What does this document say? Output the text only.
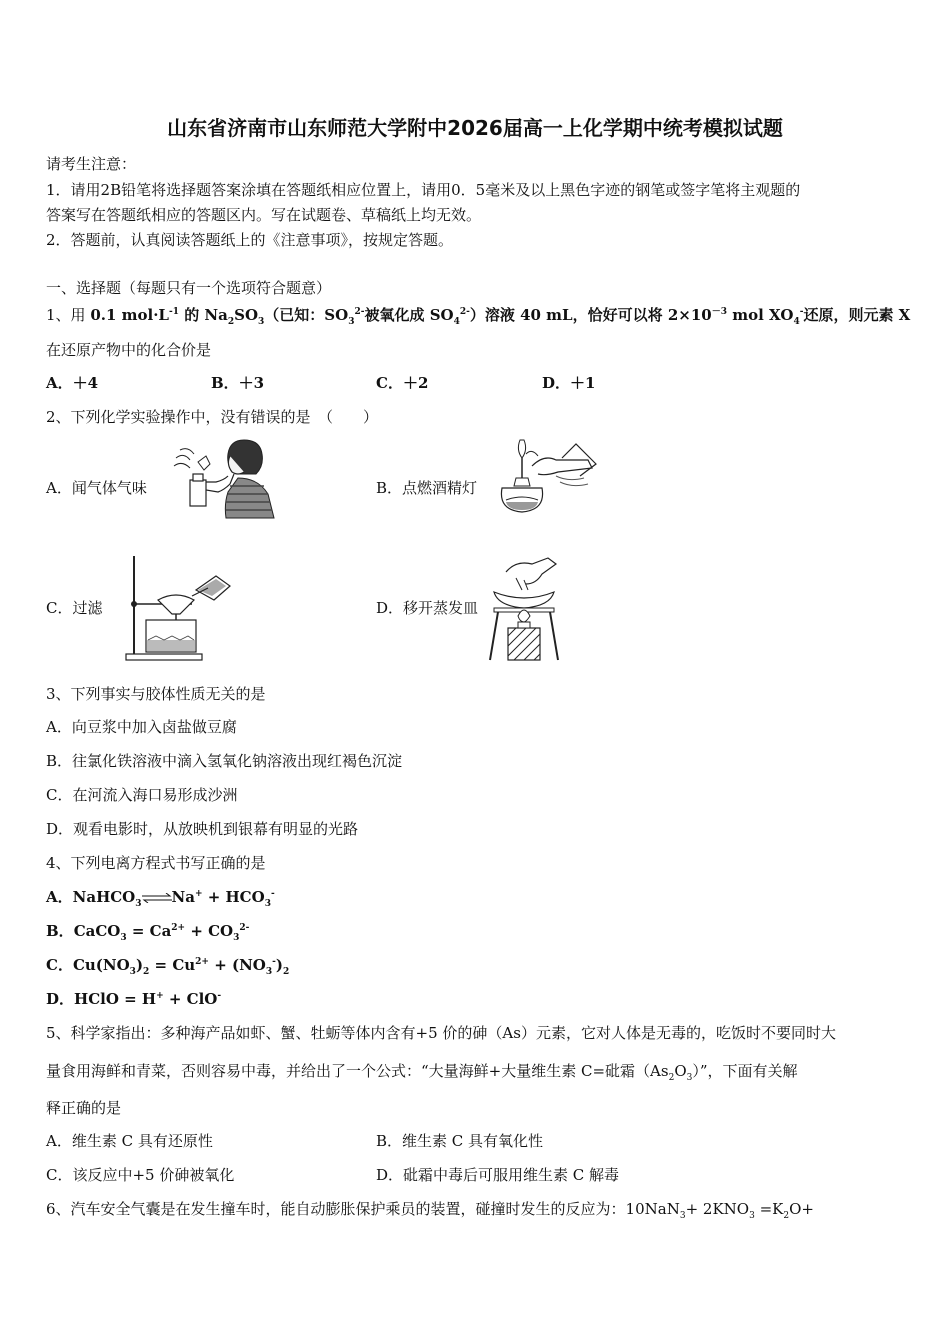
山东省济南市山东师范大学附中2026届高一上化学期中统考模拟试题
请考生注意：
1．请用2B铅笔将选择题答案涂填在答题纸相应位置上，请用0．5毫米及以上黑色字迹的钢笔或签字笔将主观题的
答案写在答题纸相应的答题区内。写在试题卷、草稿纸上均无效。
2．答题前，认真阅读答题纸上的《注意事项》，按规定答题。
一、选择题（每题只有一个选项符合题意）
1、用 0.1 $mol\cdot L^{-1}$ 的 $Na_2SO_3$（已知：$SO_3^{2-}$被氧化成 $SO_4^{2-}$）溶液 40 mL，恰好可以将 $2\times 10^{-3}$ mol $XO_4^-$还原，则元素 X
在还原产物中的化合价是
A．＋4	B．＋3	C．＋2	D．＋1
2、下列化学实验操作中，没有错误的是　（　　）
A．闻气体气味	B．点燃酒精灯
C．过滤	D．移开蒸发皿
3、下列事实与胶体性质无关的是
A．向豆浆中加入卤盐做豆腐
B．往氯化铁溶液中滴入氢氧化钠溶液出现红褐色沉淀
C．在河流入海口易形成沙洲
D．观看电影时，从放映机到银幕有明显的光路
4、下列电离方程式书写正确的是
A．NaHCO$_3$ ⇌Na+ + $HCO_3^-$
B．CaCO$_3$ = $Ca^{2+} + CO_3^{2-}$
C．$Cu(NO_3)_2 = Cu^{2+} + (NO_3^-)_2$
D．HClO = H+ + ClO-
5、科学家指出：多种海产品如虾、蟹、牡蛎等体内含有+5 价的砷（As）元素，它对人体是无毒的，吃饭时不要同时大
量食用海鲜和青菜，否则容易中毒，并给出了一个公式：“大量海鲜+大量维生素 C=砒霜$(As_2O_3)$”，下面有关解
释正确的是
A．维生素 C 具有还原性	B．维生素 C 具有氧化性
C．该反应中+5 价砷被氧化	D．砒霜中毒后可服用维生素 C 解毒
6、汽车安全气囊是在发生撞车时，能自动膨胀保护乘员的装置，碰撞时发生的反应为：$10NaN_3+ 2KNO_3 =K_2O+$
